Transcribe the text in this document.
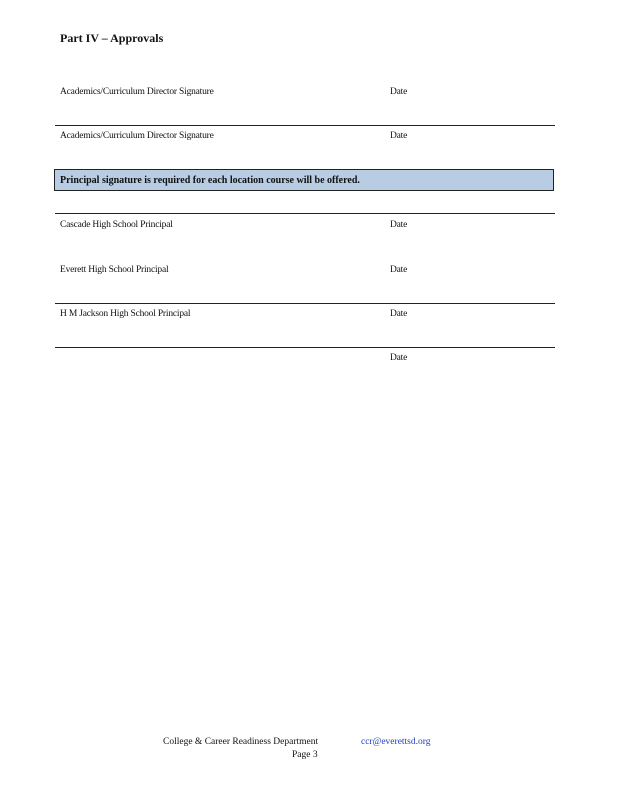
Part IV – Approvals
Academics/Curriculum Director Signature	Date
Academics/Curriculum Director Signature	Date
Principal signature is required for each location course will be offered.
Cascade High School Principal	Date
Everett High School Principal	Date
H M Jackson High School Principal	Date
Date
College & Career Readiness Department	ccr@everettsd.org
Page 3
